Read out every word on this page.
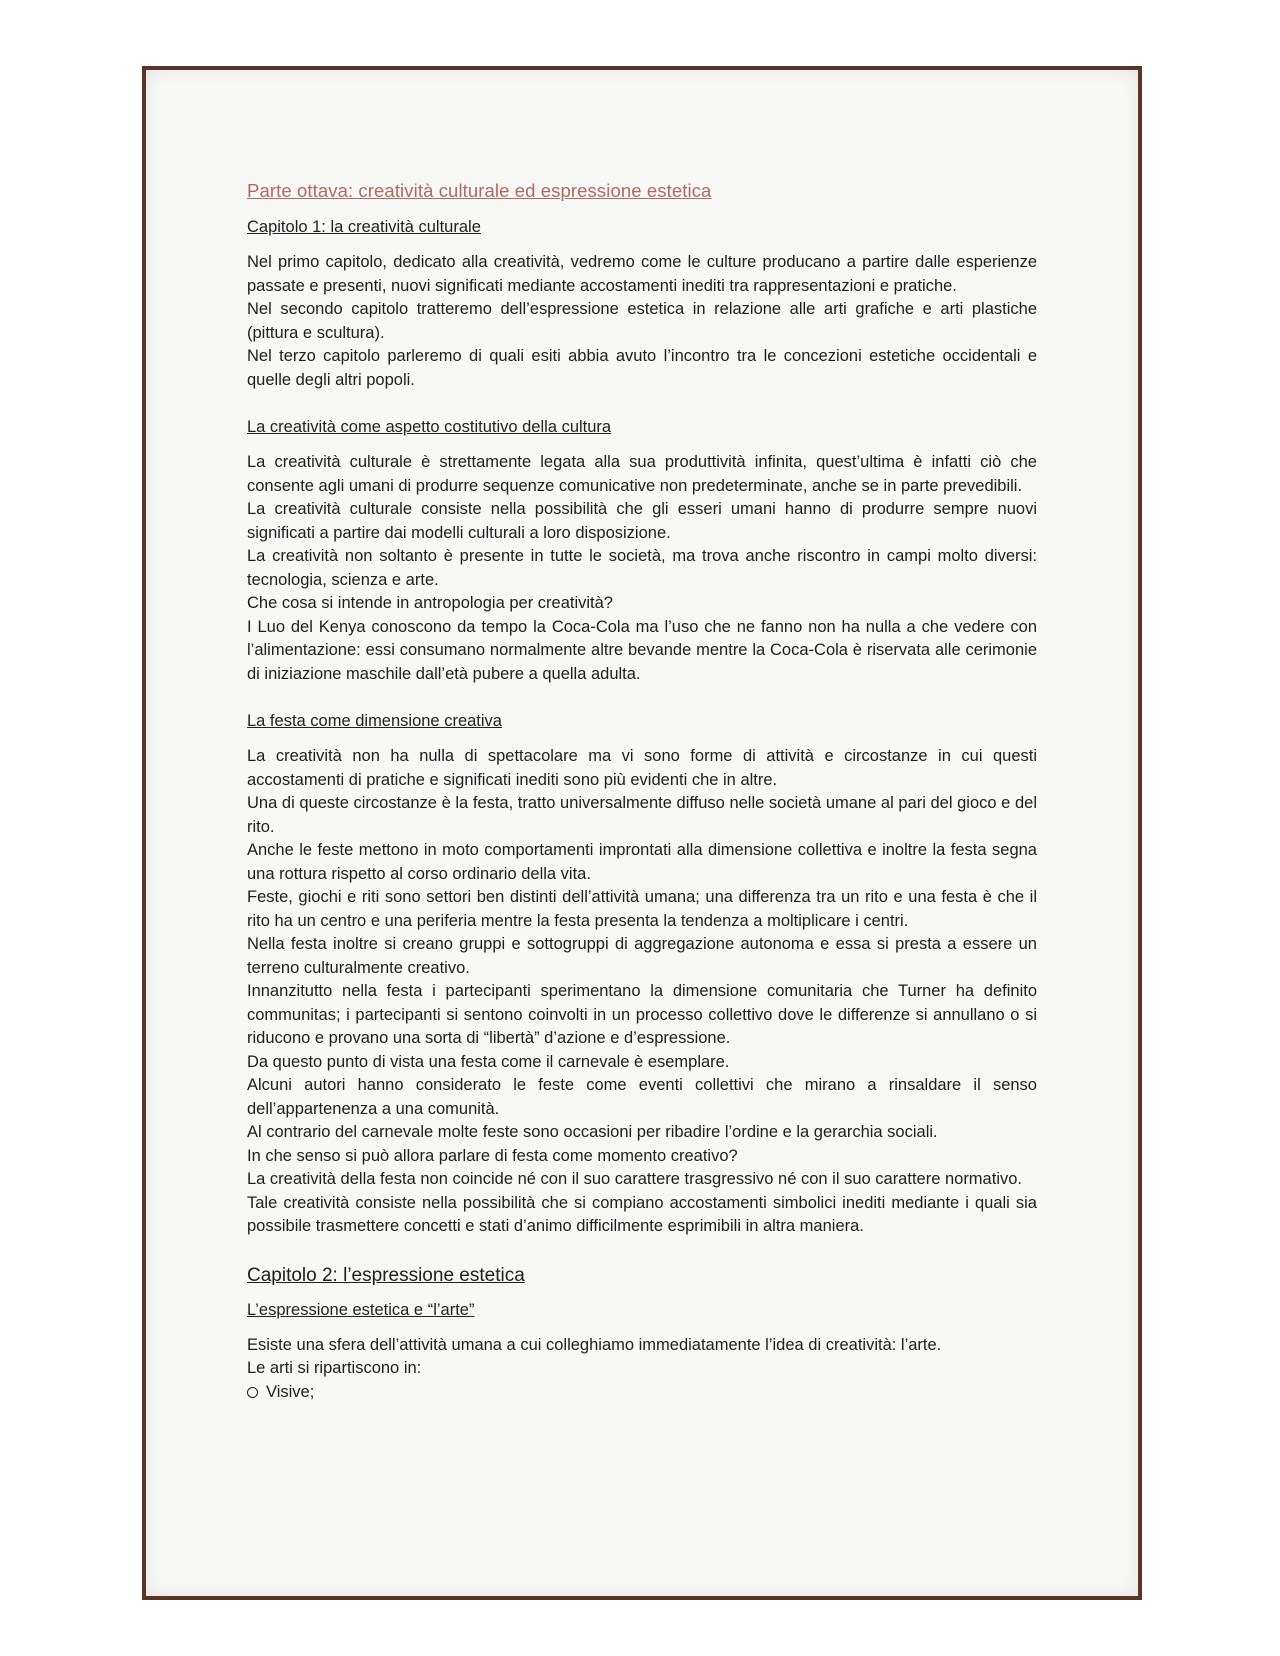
Parte ottava: creatività culturale ed espressione estetica
Capitolo 1: la creatività culturale

Nel primo capitolo, dedicato alla creatività, vedremo come le culture producano a partire dalle esperienze passate e presenti, nuovi significati mediante accostamenti inediti tra rappresentazioni e pratiche.

Nel secondo capitolo tratteremo dell’espressione estetica in relazione alle arti grafiche e arti plastiche (pittura e scultura).

Nel terzo capitolo parleremo di quali esiti abbia avuto l’incontro tra le concezioni estetiche occidentali e quelle degli altri popoli.

La creatività come aspetto costitutivo della cultura

La creatività culturale è strettamente legata alla sua produttività infinita, quest’ultima è infatti ciò che consente agli umani di produrre sequenze comunicative non predeterminate, anche se in parte prevedibili.

La creatività culturale consiste nella possibilità che gli esseri umani hanno di produrre sempre nuovi significati a partire dai modelli culturali a loro disposizione.

La creatività non soltanto è presente in tutte le società, ma trova anche riscontro in campi molto diversi: tecnologia, scienza e arte.

Che cosa si intende in antropologia per creatività?

I Luo del Kenya conoscono da tempo la Coca-Cola ma l’uso che ne fanno non ha nulla a che vedere con l’alimentazione: essi consumano normalmente altre bevande mentre la Coca-Cola è riservata alle cerimonie di iniziazione maschile dall’età pubere a quella adulta.

La festa come dimensione creativa

La creatività non ha nulla di spettacolare ma vi sono forme di attività e circostanze in cui questi accostamenti di pratiche e significati inediti sono più evidenti che in altre.

Una di queste circostanze è la festa, tratto universalmente diffuso nelle società umane al pari del gioco e del rito.

Anche le feste mettono in moto comportamenti improntati alla dimensione collettiva e inoltre la festa segna una rottura rispetto al corso ordinario della vita.

Feste, giochi e riti sono settori ben distinti dell’attività umana; una differenza tra un rito e una festa è che il rito ha un centro e una periferia mentre la festa presenta la tendenza a moltiplicare i centri.

Nella festa inoltre si creano gruppi e sottogruppi di aggregazione autonoma e essa si presta a essere un terreno culturalmente creativo.

Innanzitutto nella festa i partecipanti sperimentano la dimensione comunitaria che Turner ha definito communitas; i partecipanti si sentono coinvolti in un processo collettivo dove le differenze si annullano o si riducono e provano una sorta di “libertà” d’azione e d’espressione.

Da questo punto di vista una festa come il carnevale è esemplare.

Alcuni autori hanno considerato le feste come eventi collettivi che mirano a rinsaldare il senso dell’appartenenza a una comunità.

Al contrario del carnevale molte feste sono occasioni per ribadire l’ordine e la gerarchia sociali.

In che senso si può allora parlare di festa come momento creativo?

La creatività della festa non coincide né con il suo carattere trasgressivo né con il suo carattere normativo.

Tale creatività consiste nella possibilità che si compiano accostamenti simbolici inediti mediante i quali sia possibile trasmettere concetti e stati d’animo difficilmente esprimibili in altra maniera.

Capitolo 2: l’espressione estetica
L’espressione estetica e “l’arte”

Esiste una sfera dell’attività umana a cui colleghiamo immediatamente l’idea di creatività: l’arte.

Le arti si ripartiscono in:

Visive;
